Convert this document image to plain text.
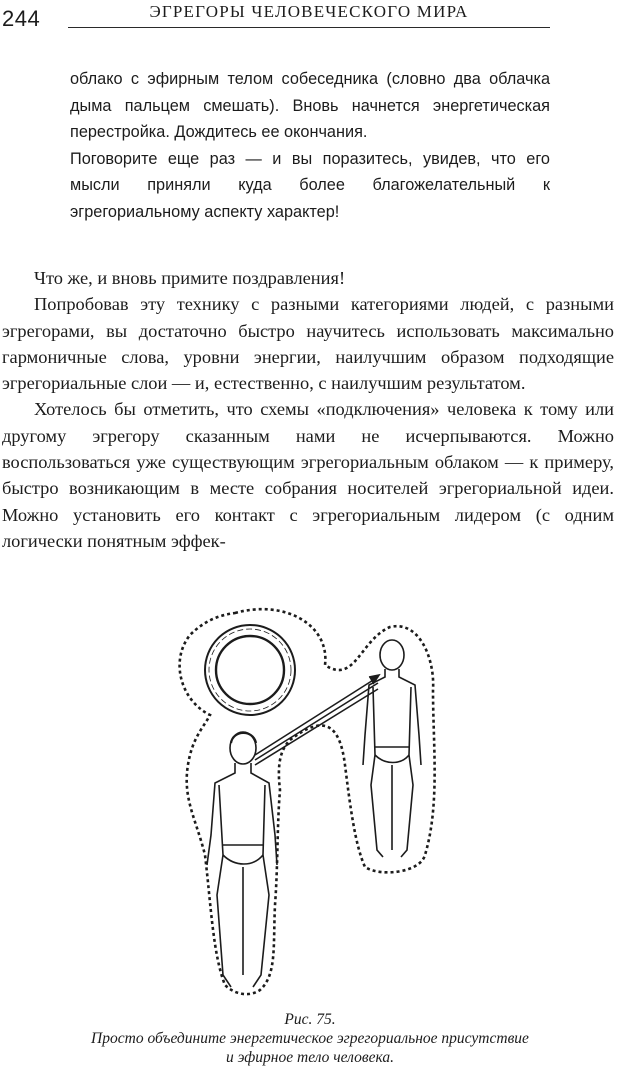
244	ЭГРЕГОРЫ ЧЕЛОВЕЧЕСКОГО МИРА

облако с эфирным телом собеседника (словно два облачка дыма пальцем смешать). Вновь начнется энергетическая перестройка. Дождитесь ее окончания.

Поговорите еще раз — и вы поразитесь, увидев, что его мысли приняли куда более благожелательный к эгрегориальному аспекту характер!

Что же, и вновь примите поздравления!

Попробовав эту технику с разными категориями людей, с разными эгрегорами, вы достаточно быстро научитесь использовать максимально гармоничные слова, уровни энергии, наилучшим образом подходящие эгрегориальные слои — и, естественно, с наилучшим результатом.

Хотелось бы отметить, что схемы «подключения» человека к тому или другому эгрегору сказанным нами не исчерпываются. Можно воспользоваться уже существующим эгрегориальным облаком — к примеру, быстро возникающим в месте собрания носителей эгрегориальной идеи. Можно установить его контакт с эгрегориальным лидером (с одним логически понятным эффек-

Рис. 75.
Просто объедините энергетическое эгрегориальное присутствие
и эфирное тело человека.
